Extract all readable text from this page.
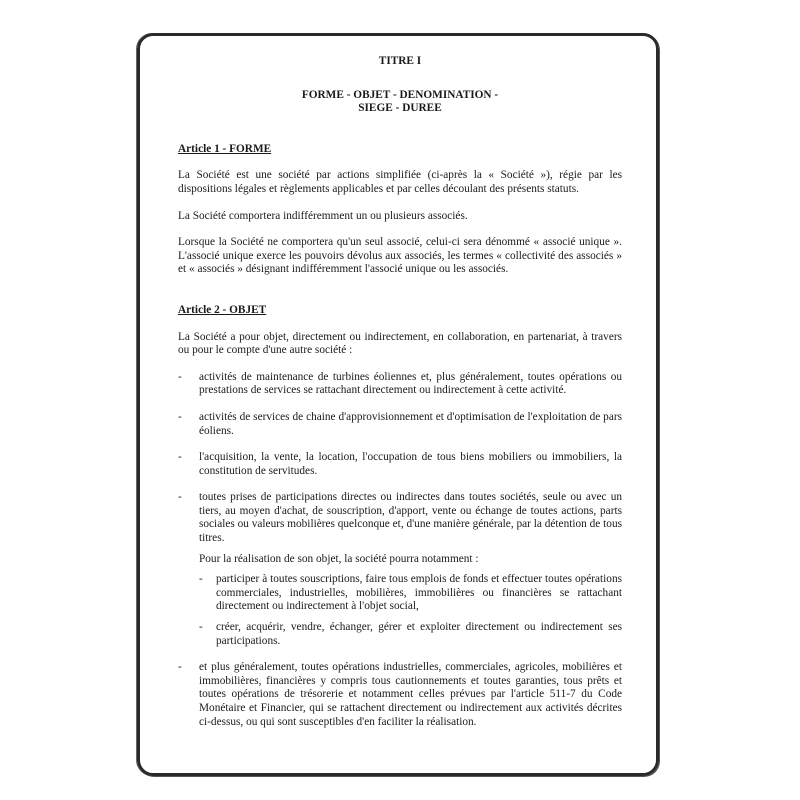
TITRE I
FORME - OBJET - DENOMINATION -
SIEGE - DUREE
Article 1 - FORME

La Société est une société par actions simplifiée (ci-après la « Société »), régie par les dispositions légales et règlements applicables et par celles découlant des présents statuts.

La Société comportera indifféremment un ou plusieurs associés.

Lorsque la Société ne comportera qu'un seul associé, celui-ci sera dénommé « associé unique ». L'associé unique exerce les pouvoirs dévolus aux associés, les termes « collectivité des associés » et « associés » désignant indifféremment l'associé unique ou les associés.

Article 2 - OBJET

La Société a pour objet, directement ou indirectement, en collaboration, en partenariat, à travers ou pour le compte d'une autre société :

- activités de maintenance de turbines éoliennes et, plus généralement, toutes opérations ou prestations de services se rattachant directement ou indirectement à cette activité.
- activités de services de chaine d'approvisionnement et d'optimisation de l'exploitation de pars éoliens.
- l'acquisition, la vente, la location, l'occupation de tous biens mobiliers ou immobiliers, la constitution de servitudes.
- toutes prises de participations directes ou indirectes dans toutes sociétés, seule ou avec un tiers, au moyen d'achat, de souscription, d'apport, vente ou échange de toutes actions, parts sociales ou valeurs mobilières quelconque et, d'une manière générale, par la détention de tous titres.
Pour la réalisation de son objet, la société pourra notamment :
- participer à toutes souscriptions, faire tous emplois de fonds et effectuer toutes opérations commerciales, industrielles, mobilières, immobilières ou financières se rattachant directement ou indirectement à l'objet social,
- créer, acquérir, vendre, échanger, gérer et exploiter directement ou indirectement ses participations.
- et plus généralement, toutes opérations industrielles, commerciales, agricoles, mobilières et immobilières, financières y compris tous cautionnements et toutes garanties, tous prêts et toutes opérations de trésorerie et notamment celles prévues par l'article 511-7 du Code Monétaire et Financier, qui se rattachent directement ou indirectement aux activités décrites ci-dessus, ou qui sont susceptibles d'en faciliter la réalisation.
